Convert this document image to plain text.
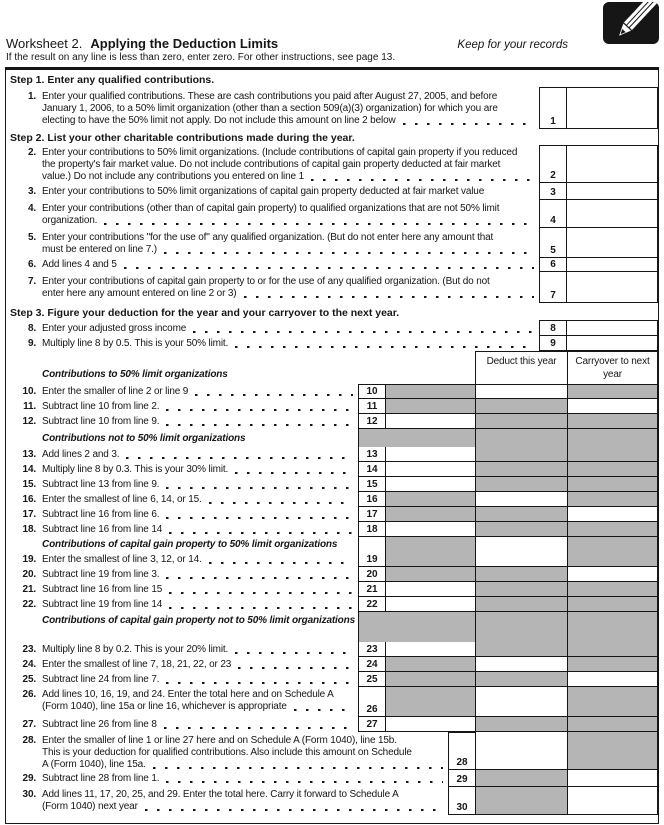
Worksheet 2. Applying the Deduction Limits	Keep for your records
If the result on any line is less than zero, enter zero. For other instructions, see page 13.
Step 1. Enter any qualified contributions.
1. Enter your qualified contributions. These are cash contributions you paid after August 27, 2005, and before January 1, 2006, to a 50% limit organization (other than a section 509(a)(3) organization) for which you are
electing to have the 50% limit not apply. Do not include this amount on line 2 below	1
Step 2. List your other charitable contributions made during the year.
2. Enter your contributions to 50% limit organizations. (Include contributions of capital gain property if you reduced the property's fair market value. Do not include contributions of capital gain property deducted at fair market
value.) Do not include any contributions you entered on line 1	2
3. Enter your contributions to 50% limit organizations of capital gain property deducted at fair market value	3
4. Enter your contributions (other than of capital gain property) to qualified organizations that are not 50% limit
organization.	4
5. Enter your contributions "for the use of" any qualified organization. (But do not enter here any amount that
must be entered on line 7.)	5
6. Add lines 4 and 5	6
7. Enter your contributions of capital gain property to or for the use of any qualified organization. (But do not
enter here any amount entered on line 2 or 3)	7
Step 3. Figure your deduction for the year and your carryover to the next year.
8. Enter your adjusted gross income	8
9. Multiply line 8 by 0.5. This is your 50% limit.	9
Contributions to 50% limit organizations
Deduct this year	Carryover to next year
10. Enter the smaller of line 2 or line 9	10
11. Subtract line 10 from line 2.	11
12. Subtract line 10 from line 9.	12
Contributions not to 50% limit organizations
13. Add lines 2 and 3.	13
14. Multiply line 8 by 0.3. This is your 30% limit.	14
15. Subtract line 13 from line 9.	15
16. Enter the smallest of line 6, 14, or 15.	16
17. Subtract line 16 from line 6.	17
18. Subtract line 16 from line 14	18
Contributions of capital gain property to 50% limit organizations
19. Enter the smallest of line 3, 12, or 14.	19
20. Subtract line 19 from line 3.	20
21. Subtract line 16 from line 15	21
22. Subtract line 19 from line 14	22
Contributions of capital gain property not to 50% limit organizations
23. Multiply line 8 by 0.2. This is your 20% limit.	23
24. Enter the smallest of line 7, 18, 21, 22, or 23	24
25. Subtract line 24 from line 7.	25
26. Add lines 10, 16, 19, and 24. Enter the total here and on Schedule A
(Form 1040), line 15a or line 16, whichever is appropriate	26
27. Subtract line 26 from line 8	27
28. Enter the smaller of line 1 or line 27 here and on Schedule A (Form 1040), line 15b. This is your deduction for qualified contributions. Also include this amount on Schedule
A (Form 1040), line 15a.	28
29. Subtract line 28 from line 1.	29
30. Add lines 11, 17, 20, 25, and 29. Enter the total here. Carry it forward to Schedule A
(Form 1040) next year	30
